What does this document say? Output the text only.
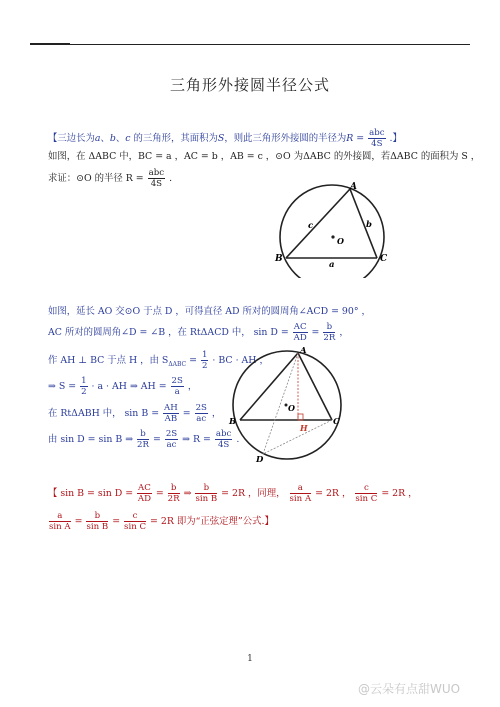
三角形外接圆半径公式
【三边长为a、b、c 的三角形，其面积为S，则此三角形外接圆的半径为$R = \frac{\text{abc}}{4S}$ .】
如图，在 ΔABC 中，BC = a ，AC = b ，AB = c ，⊙O 为ΔABC 的外接圆，若ΔABC 的面积为 S ，
求证：⊙O 的半径 $R = \frac{\text{abc}}{4S}$ .
A
B	C
O
a
b
c
如图，延长 AO 交⊙O 于点 D ，可得直径 AD 所对的圆周角∠ACD = 90° ，
AC 所对的圆周角∠D = ∠B ，在 RtΔACD 中， $\sin D = \frac{AC}{AD} = \frac{b}{2R}$ ，
作 AH ⊥ BC 于点 H ，由 $S_{\Delta ABC} = \frac{1}{2}$ · BC · AH ，
⇒ $S = \frac{1}{2} \cdot a$ · AH ⇒ AH = $\frac{2S}{a}$ ，
在 RtΔABH 中， $\sin B = \frac{AH}{AB} = \frac{2S}{ac}$ ，
由 sin D = sin B ⇒ $\frac{b}{2R} = \frac{2S}{ac}$ ⇒ $R = \frac{\text{abc}}{4S}$ .
A
B	C
O
H
D
【 $\sin B = \sin D = \frac{AC}{AD} = \frac{b}{2R}$ ⇒ $\frac{b}{\text{sin B}} = 2R$ ，同理， $\frac{a}{\text{sin A}} = 2R$ ， $\frac{c}{\text{sin C}} = 2R$ ，
$\frac{a}{\text{sin A}} = \frac{b}{\text{sin B}} = \frac{c}{\text{sin C}} = 2R$ 即为“正弦定理”公式.】
1
@云朵有点甜WUO
